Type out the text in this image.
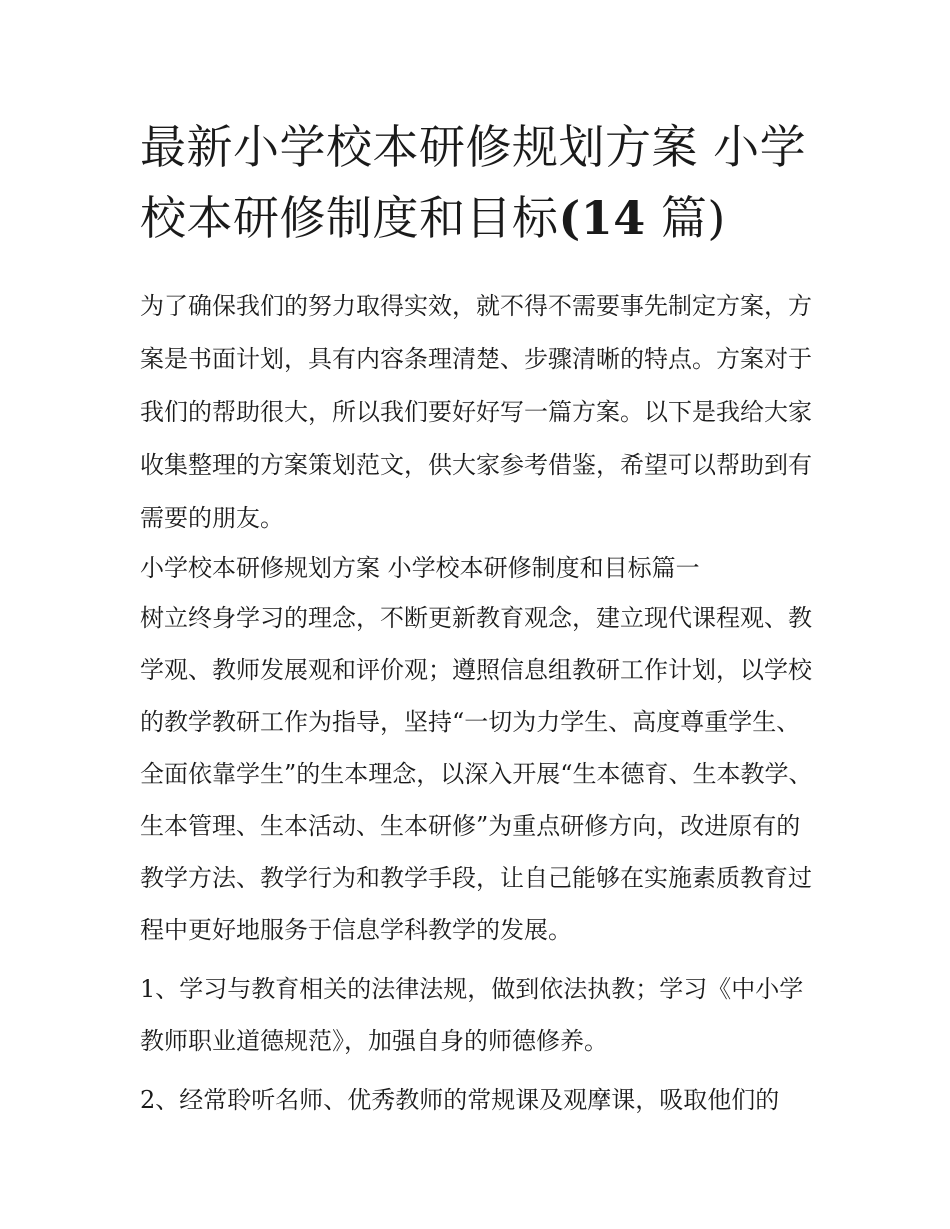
最新小学校本研修规划方案 小学校本研修制度和目标(14 篇)

为了确保我们的努力取得实效，就不得不需要事先制定方案，方案是书面计划，具有内容条理清楚、步骤清晰的特点。方案对于我们的帮助很大，所以我们要好好写一篇方案。以下是我给大家收集整理的方案策划范文，供大家参考借鉴，希望可以帮助到有需要的朋友。

小学校本研修规划方案 小学校本研修制度和目标篇一

树立终身学习的理念，不断更新教育观念，建立现代课程观、教学观、教师发展观和评价观；遵照信息组教研工作计划，以学校的教学教研工作为指导，坚持“一切为力学生、高度尊重学生、全面依靠学生”的生本理念，以深入开展“生本德育、生本教学、生本管理、生本活动、生本研修”为重点研修方向，改进原有的教学方法、教学行为和教学手段，让自己能够在实施素质教育过程中更好地服务于信息学科教学的发展。

1、学习与教育相关的法律法规，做到依法执教；学习《中小学教师职业道德规范》，加强自身的师德修养。

2、经常聆听名师、优秀教师的常规课及观摩课，吸取他们的
